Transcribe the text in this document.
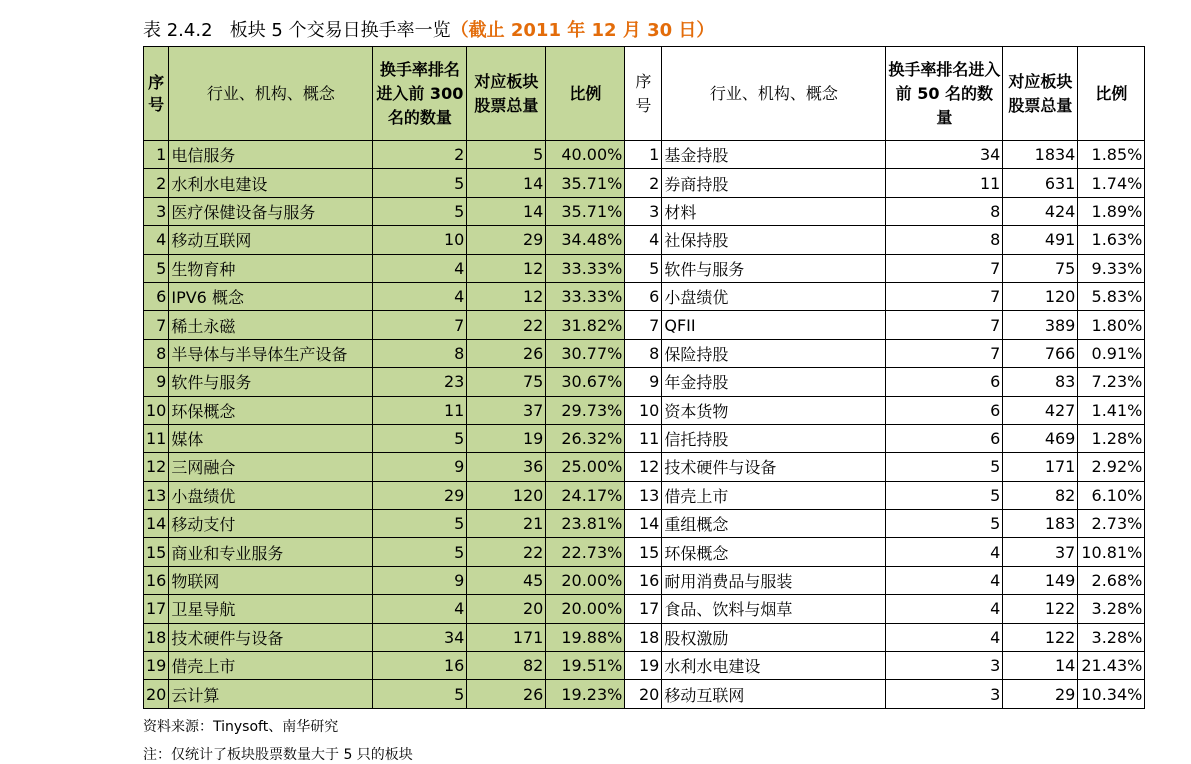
表 2.4.2 板块 5 个交易日换手率一览（截止 2011 年 12 月 30 日）
序号	行业、机构、概念	换手率排名进入前 300 名的数量	对应板块股票总量	比例	序号	行业、机构、概念	换手率排名进入前 50 名的数量	对应板块股票总量	比例
1	电信服务	2	5	40.00%	1	基金持股	34	1834	1.85%
2	水利水电建设	5	14	35.71%	2	券商持股	11	631	1.74%
3	医疗保健设备与服务	5	14	35.71%	3	材料	8	424	1.89%
4	移动互联网	10	29	34.48%	4	社保持股	8	491	1.63%
5	生物育种	4	12	33.33%	5	软件与服务	7	75	9.33%
6	IPV6 概念	4	12	33.33%	6	小盘绩优	7	120	5.83%
7	稀土永磁	7	22	31.82%	7	QFII	7	389	1.80%
8	半导体与半导体生产设备	8	26	30.77%	8	保险持股	7	766	0.91%
9	软件与服务	23	75	30.67%	9	年金持股	6	83	7.23%
10	环保概念	11	37	29.73%	10	资本货物	6	427	1.41%
11	媒体	5	19	26.32%	11	信托持股	6	469	1.28%
12	三网融合	9	36	25.00%	12	技术硬件与设备	5	171	2.92%
13	小盘绩优	29	120	24.17%	13	借壳上市	5	82	6.10%
14	移动支付	5	21	23.81%	14	重组概念	5	183	2.73%
15	商业和专业服务	5	22	22.73%	15	环保概念	4	37	10.81%
16	物联网	9	45	20.00%	16	耐用消费品与服装	4	149	2.68%
17	卫星导航	4	20	20.00%	17	食品、饮料与烟草	4	122	3.28%
18	技术硬件与设备	34	171	19.88%	18	股权激励	4	122	3.28%
19	借壳上市	16	82	19.51%	19	水利水电建设	3	14	21.43%
20	云计算	5	26	19.23%	20	移动互联网	3	29	10.34%
资料来源：Tinysoft、南华研究
注：仅统计了板块股票数量大于 5 只的板块
